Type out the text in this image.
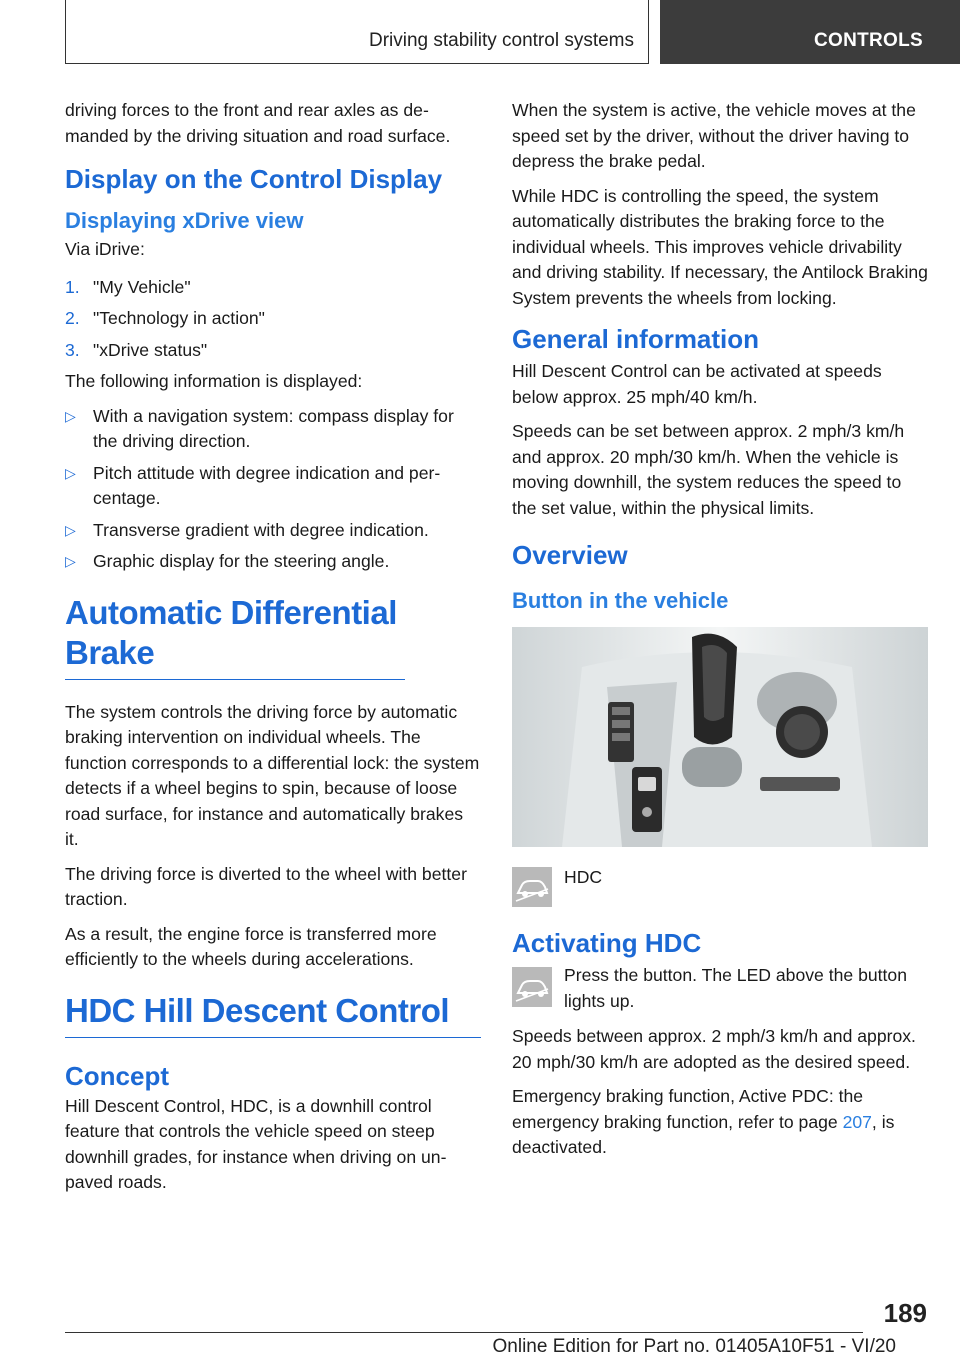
Driving stability control systems	CONTROLS

driving forces to the front and rear axles as demanded by the driving situation and road surface.

Display on the Control Display
Displaying xDrive view

Via iDrive:

1. "My Vehicle"
2. "Technology in action"
3. "xDrive status"

The following information is displayed:

▷ With a navigation system: compass display for the driving direction.
▷ Pitch attitude with degree indication and percentage.
▷ Transverse gradient with degree indication.
▷ Graphic display for the steering angle.
Automatic Differential Brake

The system controls the driving force by automatic braking intervention on individual wheels. The function corresponds to a differential lock: the system detects if a wheel begins to spin, because of loose road surface, for instance and automatically brakes it.

The driving force is diverted to the wheel with better traction.

As a result, the engine force is transferred more efficiently to the wheels during accelerations.

HDC Hill Descent Control
Concept

Hill Descent Control, HDC, is a downhill control feature that controls the vehicle speed on steep downhill grades, for instance when driving on unpaved roads.

When the system is active, the vehicle moves at the speed set by the driver, without the driver having to depress the brake pedal.

While HDC is controlling the speed, the system automatically distributes the braking force to the individual wheels. This improves vehicle drivability and driving stability. If necessary, the Antilock Braking System prevents the wheels from locking.

General information

Hill Descent Control can be activated at speeds below approx. 25 mph/40 km/h.

Speeds can be set between approx. 2 mph/3 km/h and approx. 20 mph/30 km/h. When the vehicle is moving downhill, the system reduces the speed to the set value, within the physical limits.

Overview
Button in the vehicle

HDC

Activating HDC

Press the button. The LED above the button lights up.

Speeds between approx. 2 mph/3 km/h and approx. 20 mph/30 km/h are adopted as the desired speed.

Emergency braking function, Active PDC: the emergency braking function, refer to page 207, is deactivated.

189
Online Edition for Part no. 01405A10F51 - VI/20
